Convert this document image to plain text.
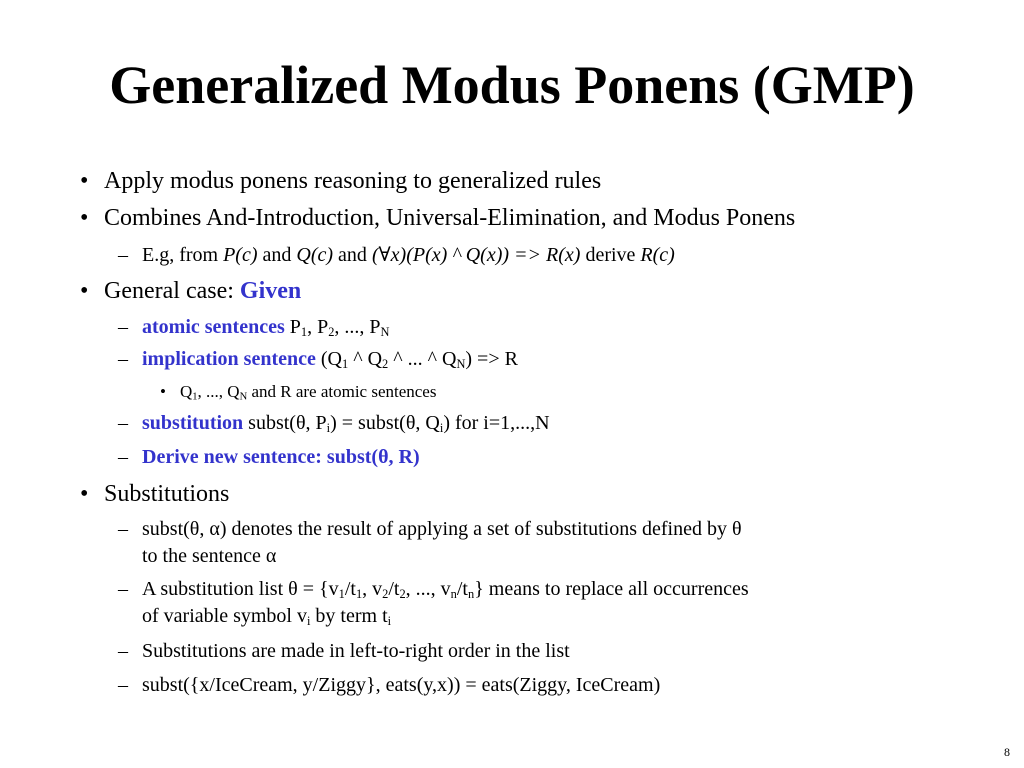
Generalized Modus Ponens (GMP)
• Apply modus ponens reasoning to generalized rules
• Combines And-Introduction, Universal-Elimination, and Modus Ponens
– E.g, from P(c) and Q(c) and (∀x)(P(x) ^ Q(x)) => R(x) derive R(c)
• General case: Given
– atomic sentences $P_1$, $P_2$, ..., $P_N$
– implication sentence ($Q_1$ ^ $Q_2$ ^ ... ^ $Q_N) => R$
• $Q_1$, ..., $Q_N$ and R are atomic sentences
– substitution subst(θ, $P_i$) = subst(θ, $Q_i$) for i=1,...,N
– Derive new sentence: subst(θ, R)
• Substitutions
– subst(θ, α) denotes the result of applying a set of substitutions defined by θ
to the sentence α
– A substitution list $\theta = \{v_1/t_1$, $v_2/t_2$, ..., $v_n/t_n$} means to replace all occurrences
of variable symbol $v_i$ by term $t_i$
– Substitutions are made in left-to-right order in the list
– subst({x/IceCream, y/Ziggy}, eats(y,x)) = eats(Ziggy, IceCream)
8
